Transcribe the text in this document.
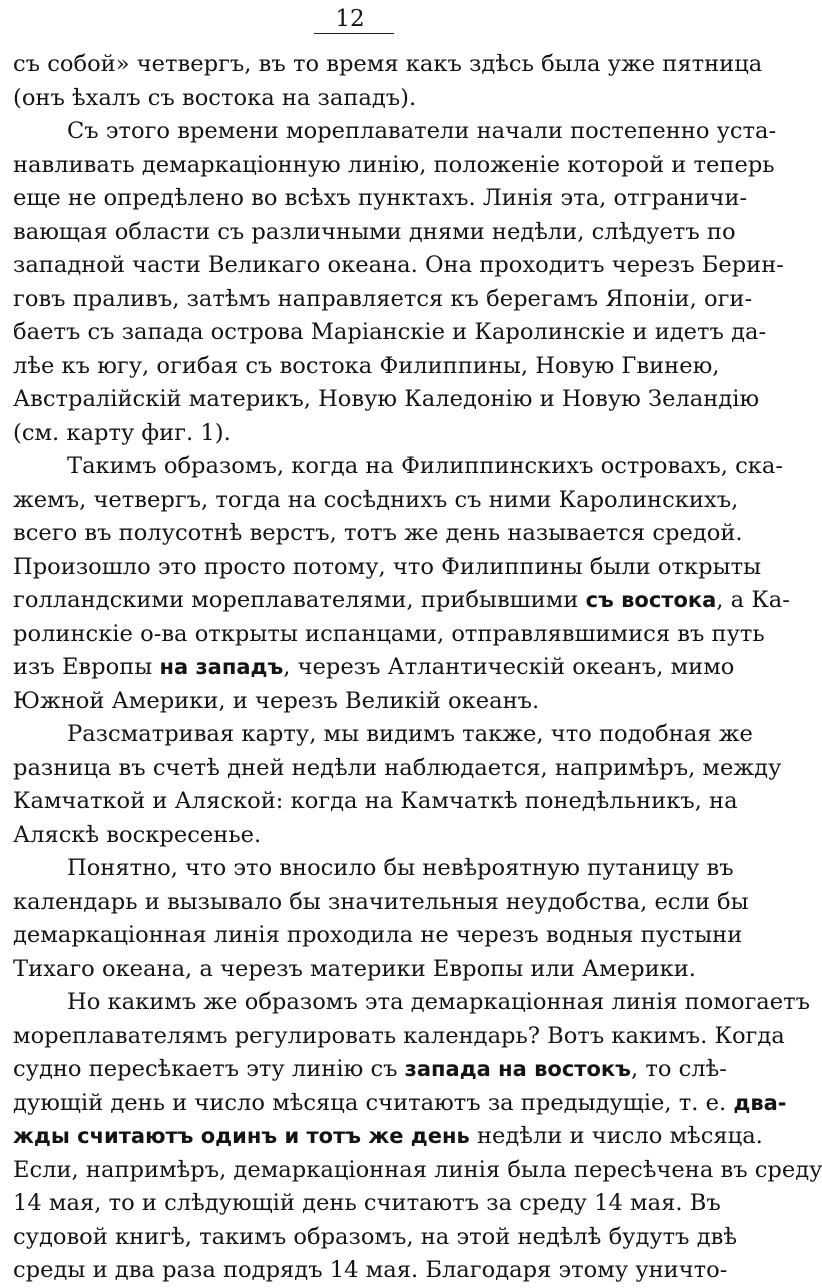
12
съ собой» четвергъ, въ то время какъ здѣсь была уже пятница
(онъ ѣхалъ съ востока на западъ).
Съ этого времени мореплаватели начали постепенно уста-
навливать демаркаціонную линію, положеніе которой и теперь
еще не опредѣлено во всѣхъ пунктахъ. Линія эта, отграничи-
вающая области съ различными днями недѣли, слѣдуетъ по
западной части Великаго океана. Она проходитъ черезъ Берин-
говъ праливъ, затѣмъ направляется къ берегамъ Японіи, оги-
баетъ съ запада острова Маріанскіе и Каролинскіе и идетъ да-
лѣе къ югу, огибая съ востока Филиппины, Новую Гвинею,
Австралійскій материкъ, Новую Каледонію и Новую Зеландію
(см. карту фиг. 1).
Такимъ образомъ, когда на Филиппинскихъ островахъ, ска-
жемъ, четвергъ, тогда на сосѣднихъ съ ними Каролинскихъ,
всего въ полусотнѣ верстъ, тотъ же день называется средой.
Произошло это просто потому, что Филиппины были открыты
голландскими мореплавателями, прибывшими съ востока, а Ка-
ролинскіе о-ва открыты испанцами, отправлявшимися въ путь
изъ Европы на западъ, черезъ Атлантическій океанъ, мимо
Южной Америки, и черезъ Великій океанъ.
Разсматривая карту, мы видимъ также, что подобная же
разница въ счетѣ дней недѣли наблюдается, напримѣръ, между
Камчаткой и Аляской: когда на Камчаткѣ понедѣльникъ, на
Аляскѣ воскресенье.
Понятно, что это вносило бы невѣроятную путаницу въ
календарь и вызывало бы значительныя неудобства, если бы
демаркаціонная линія проходила не черезъ водныя пустыни
Тихаго океана, а черезъ материки Европы или Америки.
Но какимъ же образомъ эта демаркаціонная линія помогаетъ
мореплавателямъ регулировать календарь? Вотъ какимъ. Когда
судно пересѣкаетъ эту линію съ запада на востокъ, то слѣ-
дующій день и число мѣсяца считаютъ за предыдущіе, т. е. два-
жды считаютъ одинъ и тотъ же день недѣли и число мѣсяца.
Если, напримѣръ, демаркаціонная линія была пересѣчена въ среду
14 мая, то и слѣдующій день считаютъ за среду 14 мая. Въ
судовой книгѣ, такимъ образомъ, на этой недѣлѣ будутъ двѣ
среды и два раза подрядъ 14 мая. Благодаря этому уничто-
